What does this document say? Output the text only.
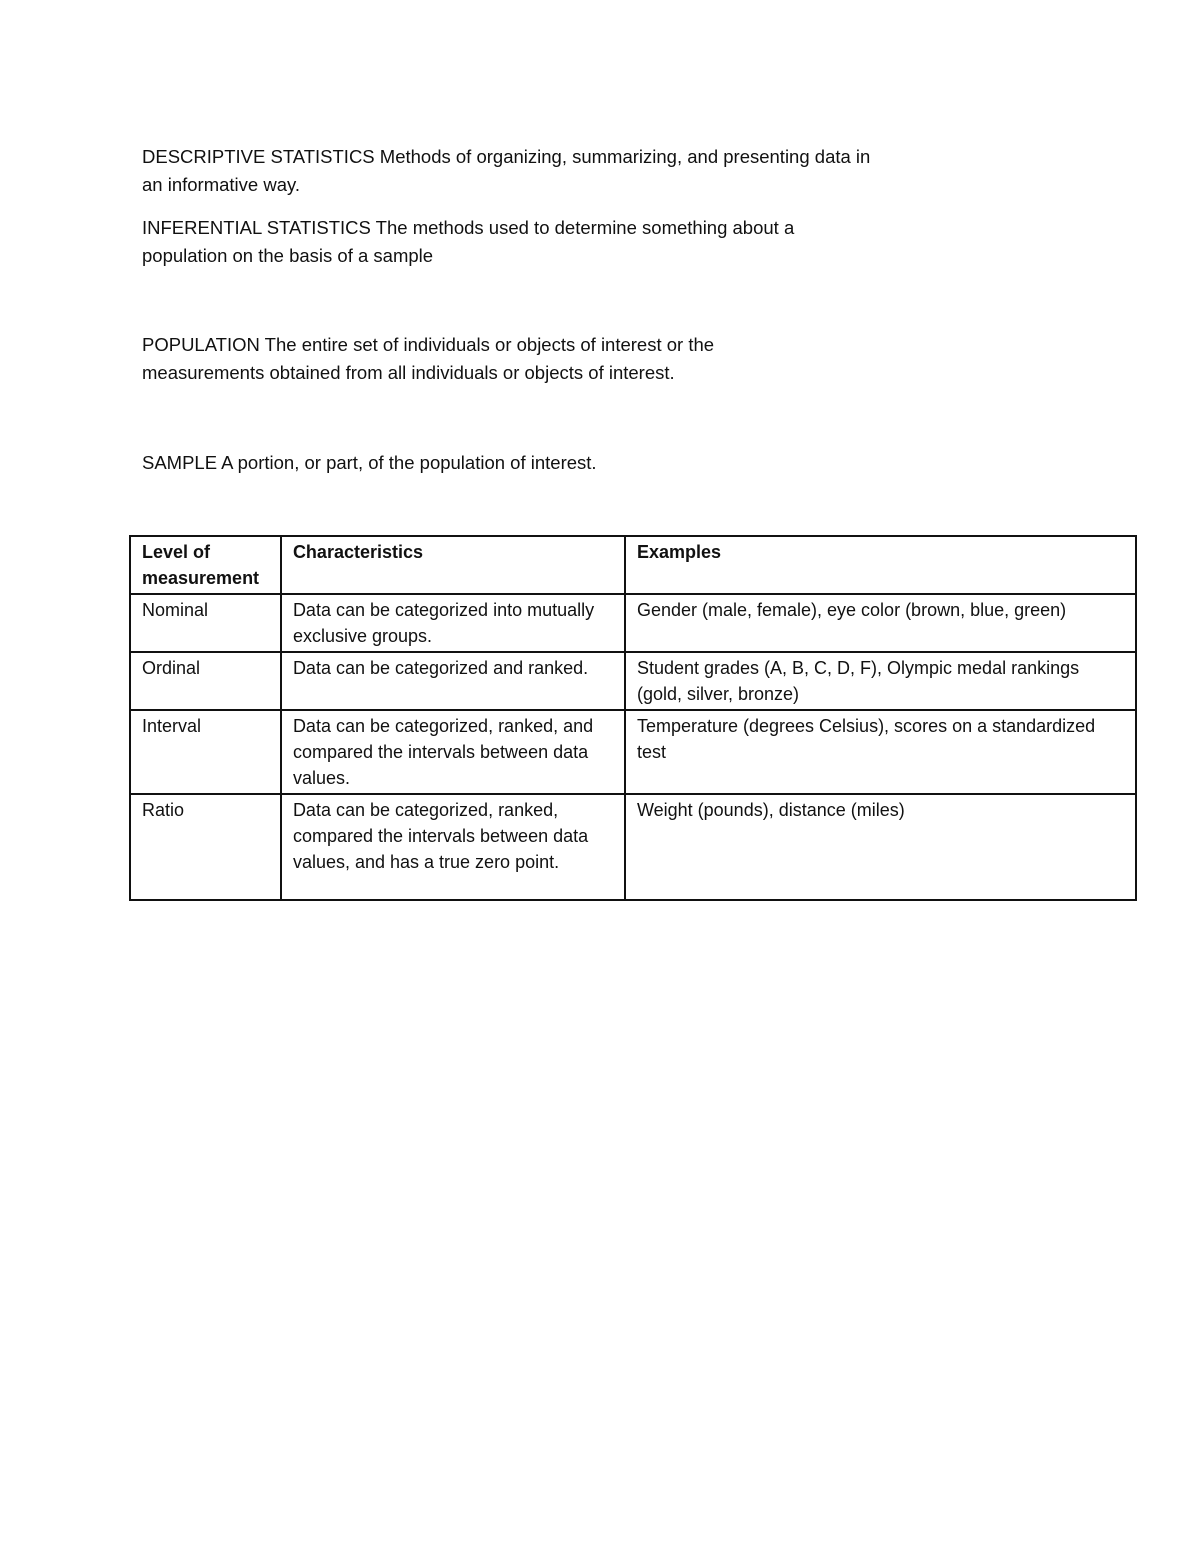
DESCRIPTIVE STATISTICS Methods of organizing, summarizing, and presenting data in an informative way.

INFERENTIAL STATISTICS The methods used to determine something about a population on the basis of a sample

POPULATION The entire set of individuals or objects of interest or the measurements obtained from all individuals or objects of interest.

SAMPLE A portion, or part, of the population of interest.

Level of measurement	Characteristics	Examples
Nominal	Data can be categorized into mutually exclusive groups.	Gender (male, female), eye color (brown, blue, green)
Ordinal	Data can be categorized and ranked.	Student grades (A, B, C, D, F), Olympic medal rankings (gold, silver, bronze)
Interval	Data can be categorized, ranked, and compared the intervals between data values.	Temperature (degrees Celsius), scores on a standardized test
Ratio	Data can be categorized, ranked, compared the intervals between data values, and has a true zero point.	Weight (pounds), distance (miles)
